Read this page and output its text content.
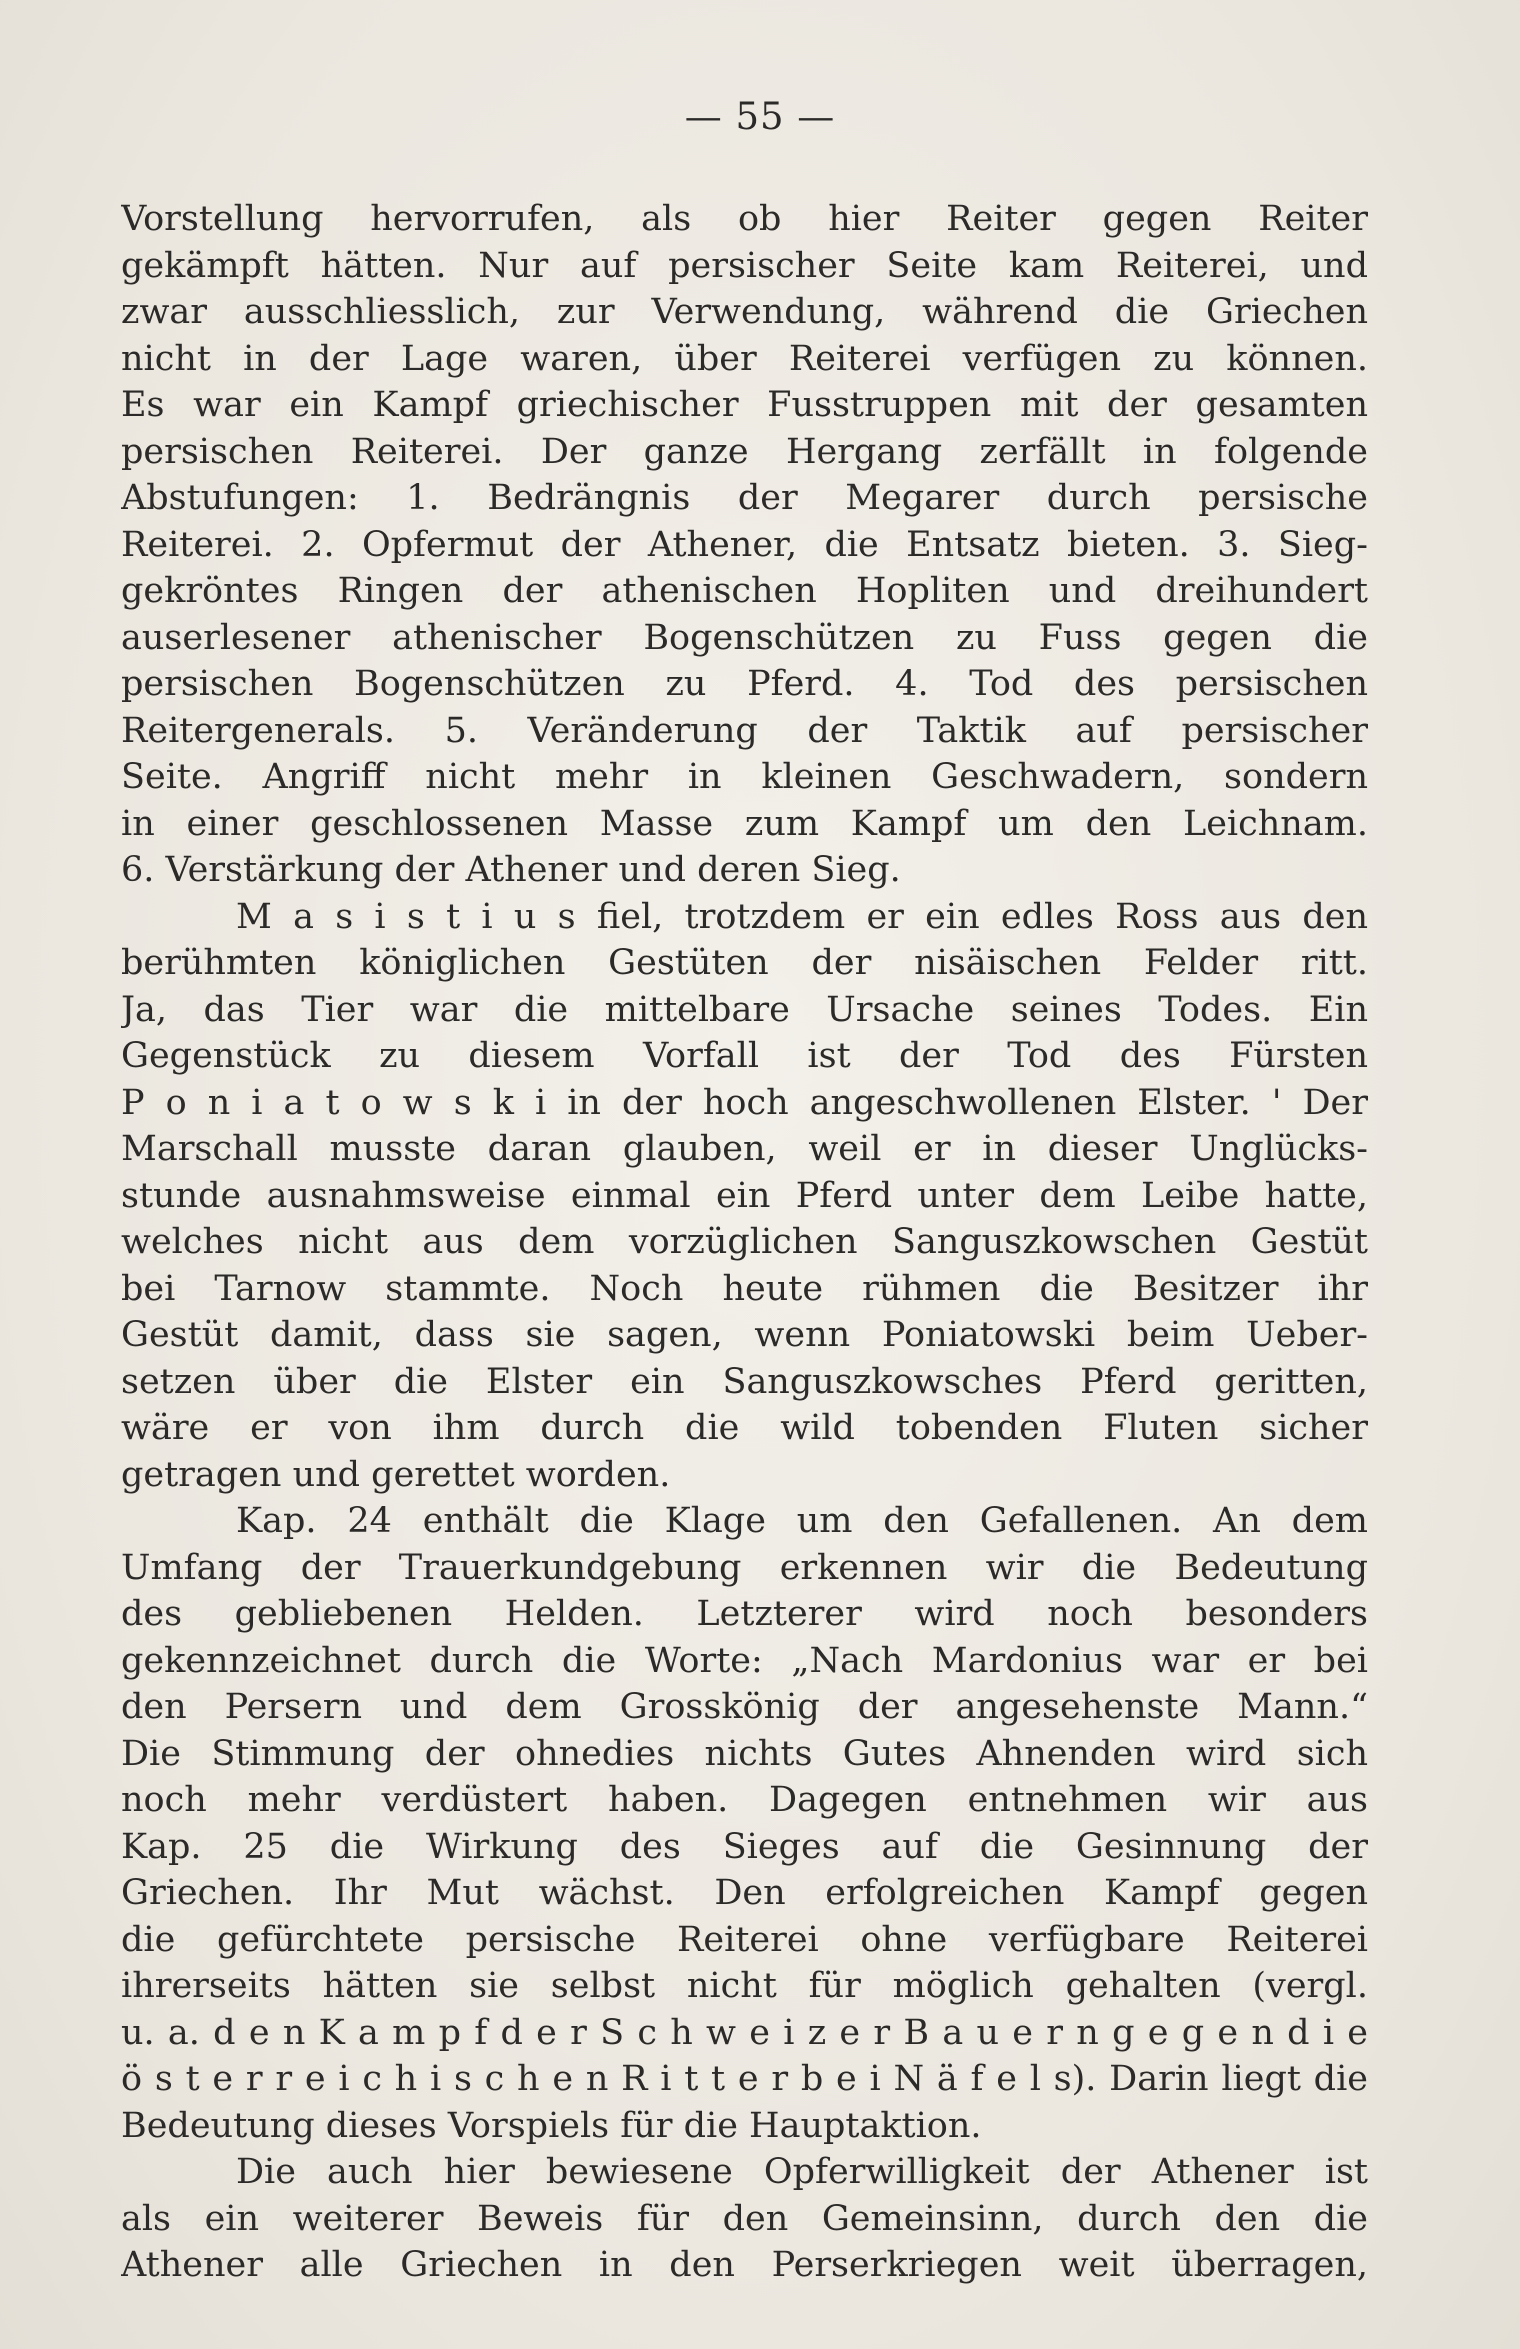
— 55 —
Vorstellung hervorrufen, als ob hier Reiter gegen Reiter
gekämpft hätten. Nur auf persischer Seite kam Reiterei, und
zwar ausschliesslich, zur Verwendung, während die Griechen
nicht in der Lage waren, über Reiterei verfügen zu können.
Es war ein Kampf griechischer Fusstruppen mit der gesamten
persischen Reiterei. Der ganze Hergang zerfällt in folgende
Abstufungen: 1. Bedrängnis der Megarer durch persische
Reiterei. 2. Opfermut der Athener, die Entsatz bieten. 3. Sieg-
gekröntes Ringen der athenischen Hopliten und dreihundert
auserlesener athenischer Bogenschützen zu Fuss gegen die
persischen Bogenschützen zu Pferd. 4. Tod des persischen
Reitergenerals. 5. Veränderung der Taktik auf persischer
Seite. Angriff nicht mehr in kleinen Geschwadern, sondern
in einer geschlossenen Masse zum Kampf um den Leichnam.
6. Verstärkung der Athener und deren Sieg.
M a s i s t i u s fiel, trotzdem er ein edles Ross aus den
berühmten königlichen Gestüten der nisäischen Felder ritt.
Ja, das Tier war die mittelbare Ursache seines Todes. Ein
Gegenstück zu diesem Vorfall ist der Tod des Fürsten
P o n i a t o w s k i in der hoch angeschwollenen Elster. ' Der
Marschall musste daran glauben, weil er in dieser Unglücks-
stunde ausnahmsweise einmal ein Pferd unter dem Leibe hatte,
welches nicht aus dem vorzüglichen Sanguszkowschen Gestüt
bei Tarnow stammte. Noch heute rühmen die Besitzer ihr
Gestüt damit, dass sie sagen, wenn Poniatowski beim Ueber-
setzen über die Elster ein Sanguszkowsches Pferd geritten,
wäre er von ihm durch die wild tobenden Fluten sicher
getragen und gerettet worden.
Kap. 24 enthält die Klage um den Gefallenen. An dem
Umfang der Trauerkundgebung erkennen wir die Bedeutung
des gebliebenen Helden. Letzterer wird noch besonders
gekennzeichnet durch die Worte: „Nach Mardonius war er bei
den Persern und dem Grosskönig der angesehenste Mann.“
Die Stimmung der ohnedies nichts Gutes Ahnenden wird sich
noch mehr verdüstert haben. Dagegen entnehmen wir aus
Kap. 25 die Wirkung des Sieges auf die Gesinnung der
Griechen. Ihr Mut wächst. Den erfolgreichen Kampf gegen
die gefürchtete persische Reiterei ohne verfügbare Reiterei
ihrerseits hätten sie selbst nicht für möglich gehalten (vergl.
u. a. d e n K a m p f d e r S c h w e i z e r B a u e r n g e g e n d i e
ö s t e r r e i c h i s c h e n R i t t e r b e i N ä f e l s). Darin liegt die
Bedeutung dieses Vorspiels für die Hauptaktion.
Die auch hier bewiesene Opferwilligkeit der Athener ist
als ein weiterer Beweis für den Gemeinsinn, durch den die
Athener alle Griechen in den Perserkriegen weit überragen,
